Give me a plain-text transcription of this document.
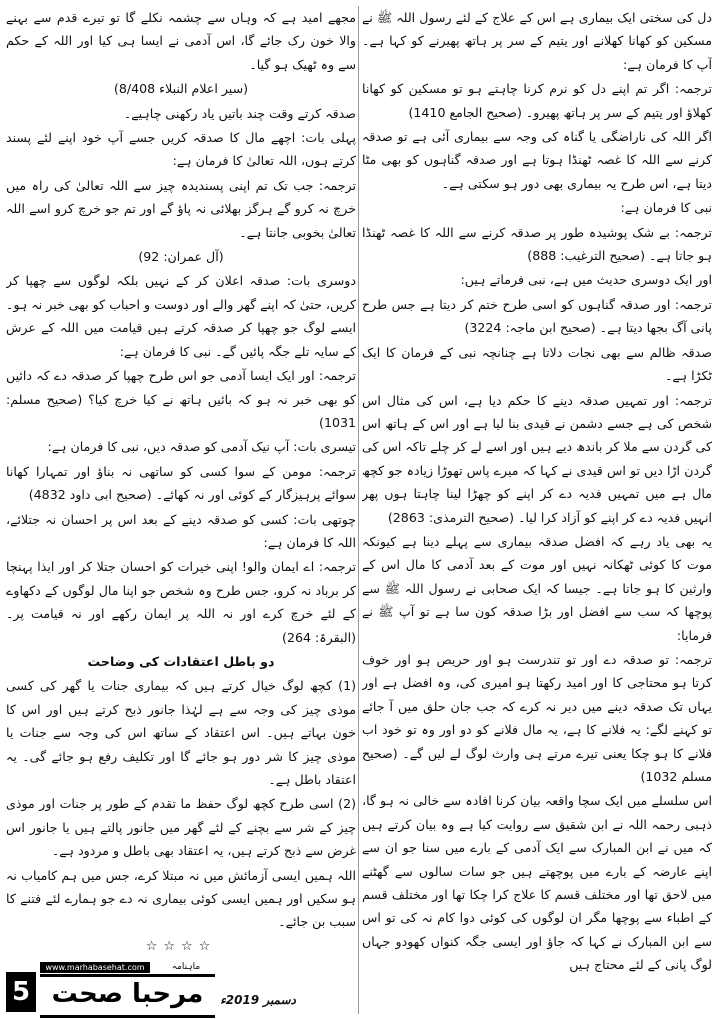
دل کی سختی ایک بیماری ہے اس کے علاج کے لئے رسول اللہ ﷺ نے مسکین کو کھانا کھلانے اور یتیم کے سر پر ہاتھ پھیرنے کو کہا ہے۔ آپ کا فرمان ہے:

ترجمہ: اگر تم اپنے دل کو نرم کرنا چاہتے ہو تو مسکین کو کھانا کھلاؤ اور یتیم کے سر پر ہاتھ پھیرو۔ (صحیح الجامع 1410)

اگر اللہ کی ناراضگی یا گناہ کی وجہ سے بیماری آئی ہے تو صدقہ کرنے سے اللہ کا غصہ ٹھنڈا ہوتا ہے اور صدقہ گناہوں کو بھی مٹا دیتا ہے، اس طرح یہ بیماری بھی دور ہو سکتی ہے۔

نبی کا فرمان ہے:

ترجمہ: بے شک پوشیدہ طور پر صدقہ کرنے سے اللہ کا غصہ ٹھنڈا ہو جاتا ہے۔ (صحیح الترغیب: 888)

اور ایک دوسری حدیث میں ہے، نبی فرماتے ہیں:

ترجمہ: اور صدقہ گناہوں کو اسی طرح ختم کر دیتا ہے جس طرح پانی آگ بجھا دیتا ہے۔ (صحیح ابن ماجہ: 3224)

صدقہ ظالم سے بھی نجات دلاتا ہے چنانچہ نبی کے فرمان کا ایک ٹکڑا ہے۔

ترجمہ: اور تمہیں صدقہ دینے کا حکم دیا ہے، اس کی مثال اس شخص کی ہے جسے دشمن نے قیدی بنا لیا ہے اور اس کے ہاتھ اس کی گردن سے ملا کر باندھ دیے ہیں اور اسے لے کر چلے تاکہ اس کی گردن اڑا دیں تو اس قیدی نے کہا کہ میرے پاس تھوڑا زیادہ جو کچھ مال ہے میں تمہیں فدیہ دے کر اپنے کو چھڑا لینا چاہتا ہوں پھر انہیں فدیہ دے کر اپنے کو آزاد کرا لیا۔ (صحیح الترمذی: 2863)

یہ بھی یاد رہے کہ افضل صدقہ بیماری سے پہلے دینا ہے کیونکہ موت کا کوئی ٹھکانہ نہیں اور موت کے بعد آدمی کا مال اس کے وارثین کا ہو جاتا ہے۔ جیسا کہ ایک صحابی نے رسول اللہ ﷺ سے پوچھا کہ سب سے افضل اور بڑا صدقہ کون سا ہے تو آپ ﷺ نے فرمایا:

ترجمہ: تو صدقہ دے اور تو تندرست ہو اور حریص ہو اور خوف کرتا ہو محتاجی کا اور امید رکھتا ہو امیری کی، وہ افضل ہے اور یہاں تک صدقہ دینے میں دیر نہ کرے کہ جب جان حلق میں آ جائے تو کہنے لگے: یہ فلانے کا ہے، یہ مال فلانے کو دو اور وہ تو خود اب فلانے کا ہو چکا یعنی تیرے مرتے ہی وارث لوگ لے لیں گے۔ (صحیح مسلم 1032)

اس سلسلے میں ایک سچا واقعہ بیان کرنا افادہ سے خالی نہ ہو گا، ذہبی رحمہ اللہ نے ابن شقیق سے روایت کیا ہے وہ بیان کرتے ہیں کہ میں نے ابن المبارک سے ایک آدمی کے بارے میں سنا جو ان سے اپنے عارضہ کے بارے میں پوچھتے ہیں جو سات سالوں سے گھٹنے میں لاحق تھا اور مختلف قسم کا علاج کرا چکا تھا اور مختلف قسم کے اطباء سے پوچھا مگر ان لوگوں کی کوئی دوا کام نہ کی تو اس سے ابن المبارک نے کہا کہ جاؤ اور ایسی جگہ کنواں کھودو جہاں لوگ پانی کے لئے محتاج ہیں

مجھے امید ہے کہ وہاں سے چشمہ نکلے گا تو تیرے قدم سے بہنے والا خون رک جائے گا، اس آدمی نے ایسا ہی کیا اور اللہ کے حکم سے وہ ٹھیک ہو گیا۔

(سیر اعلام النبلاء 8/408)

صدقہ کرتے وقت چند باتیں یاد رکھنی چاہیے۔

پہلی بات: اچھے مال کا صدقہ کریں جسے آپ خود اپنے لئے پسند کرتے ہوں، اللہ تعالیٰ کا فرمان ہے:

ترجمہ: جب تک تم اپنی پسندیدہ چیز سے اللہ تعالیٰ کی راہ میں خرچ نہ کرو گے ہرگز بھلائی نہ پاؤ گے اور تم جو خرچ کرو اسے اللہ تعالیٰ بخوبی جانتا ہے۔

(آل عمران: 92)

دوسری بات: صدقہ اعلان کر کے نہیں بلکہ لوگوں سے چھپا کر کریں، حتیٰ کہ اپنے گھر والے اور دوست و احباب کو بھی خبر نہ ہو۔ ایسے لوگ جو چھپا کر صدقہ کرتے ہیں قیامت میں اللہ کے عرش کے سایہ تلے جگہ پائیں گے۔ نبی کا فرمان ہے:

ترجمہ: اور ایک ایسا آدمی جو اس طرح چھپا کر صدقہ دے کہ دائیں کو بھی خبر نہ ہو کہ بائیں ہاتھ نے کیا خرچ کیا؟ (صحیح مسلم: 1031)

تیسری بات: آپ نیک آدمی کو صدقہ دیں، نبی کا فرمان ہے:

ترجمہ: مومن کے سوا کسی کو ساتھی نہ بناؤ اور تمہارا کھانا سوائے پرہیزگار کے کوئی اور نہ کھائے۔ (صحیح ابی داود 4832)

چوتھی بات: کسی کو صدقہ دینے کے بعد اس پر احسان نہ جتلائے، اللہ کا فرمان ہے:

ترجمہ: اے ایمان والو! اپنی خیرات کو احسان جتلا کر اور ایذا پہنچا کر برباد نہ کرو، جس طرح وہ شخص جو اپنا مال لوگوں کے دکھاوے کے لئے خرچ کرے اور نہ اللہ پر ایمان رکھے اور نہ قیامت پر۔ (البقرۃ: 264)

دو باطل اعتقادات کی وضاحت

(1) کچھ لوگ خیال کرتے ہیں کہ بیماری جنات یا گھر کی کسی موذی چیز کی وجہ سے ہے لہٰذا جانور ذبح کرتے ہیں اور اس کا خون بہاتے ہیں۔ اس اعتقاد کے ساتھ اس کی وجہ سے جنات یا موذی چیز کا شر دور ہو جائے گا اور تکلیف رفع ہو جائے گی۔ یہ اعتقاد باطل ہے۔

(2) اسی طرح کچھ لوگ حفظ ما تقدم کے طور پر جنات اور موذی چیز کے شر سے بچنے کے لئے گھر میں جانور پالتے ہیں یا جانور اس غرض سے ذبح کرتے ہیں، یہ اعتقاد بھی باطل و مردود ہے۔

اللہ ہمیں ایسی آزمائش میں نہ مبتلا کرے، جس میں ہم کامیاب نہ ہو سکیں اور ہمیں ایسی کوئی بیماری نہ دے جو ہمارے لئے فتنے کا سبب بن جائے۔

☆☆☆☆

5
www.marhabasehat.com	ماہنامہ
مرحبا صحت	دسمبر 2019ء
